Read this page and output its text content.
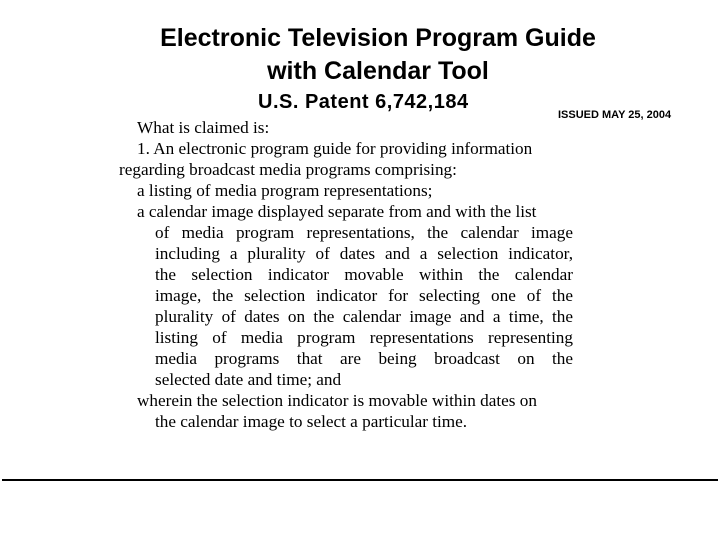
Electronic Television Program Guide
with Calendar Tool
U.S. Patent 6,742,184
ISSUED MAY 25, 2004
What is claimed is:
1. An electronic program guide for providing information
regarding broadcast media programs comprising:
a listing of media program representations;
a calendar image displayed separate from and with the list
of media program representations, the calendar image
including a plurality of dates and a selection indicator,
the selection indicator movable within the calendar
image, the selection indicator for selecting one of the
plurality of dates on the calendar image and a time, the
listing of media program representations representing
media programs that are being broadcast on the
selected date and time; and
wherein the selection indicator is movable within dates on
the calendar image to select a particular time.
